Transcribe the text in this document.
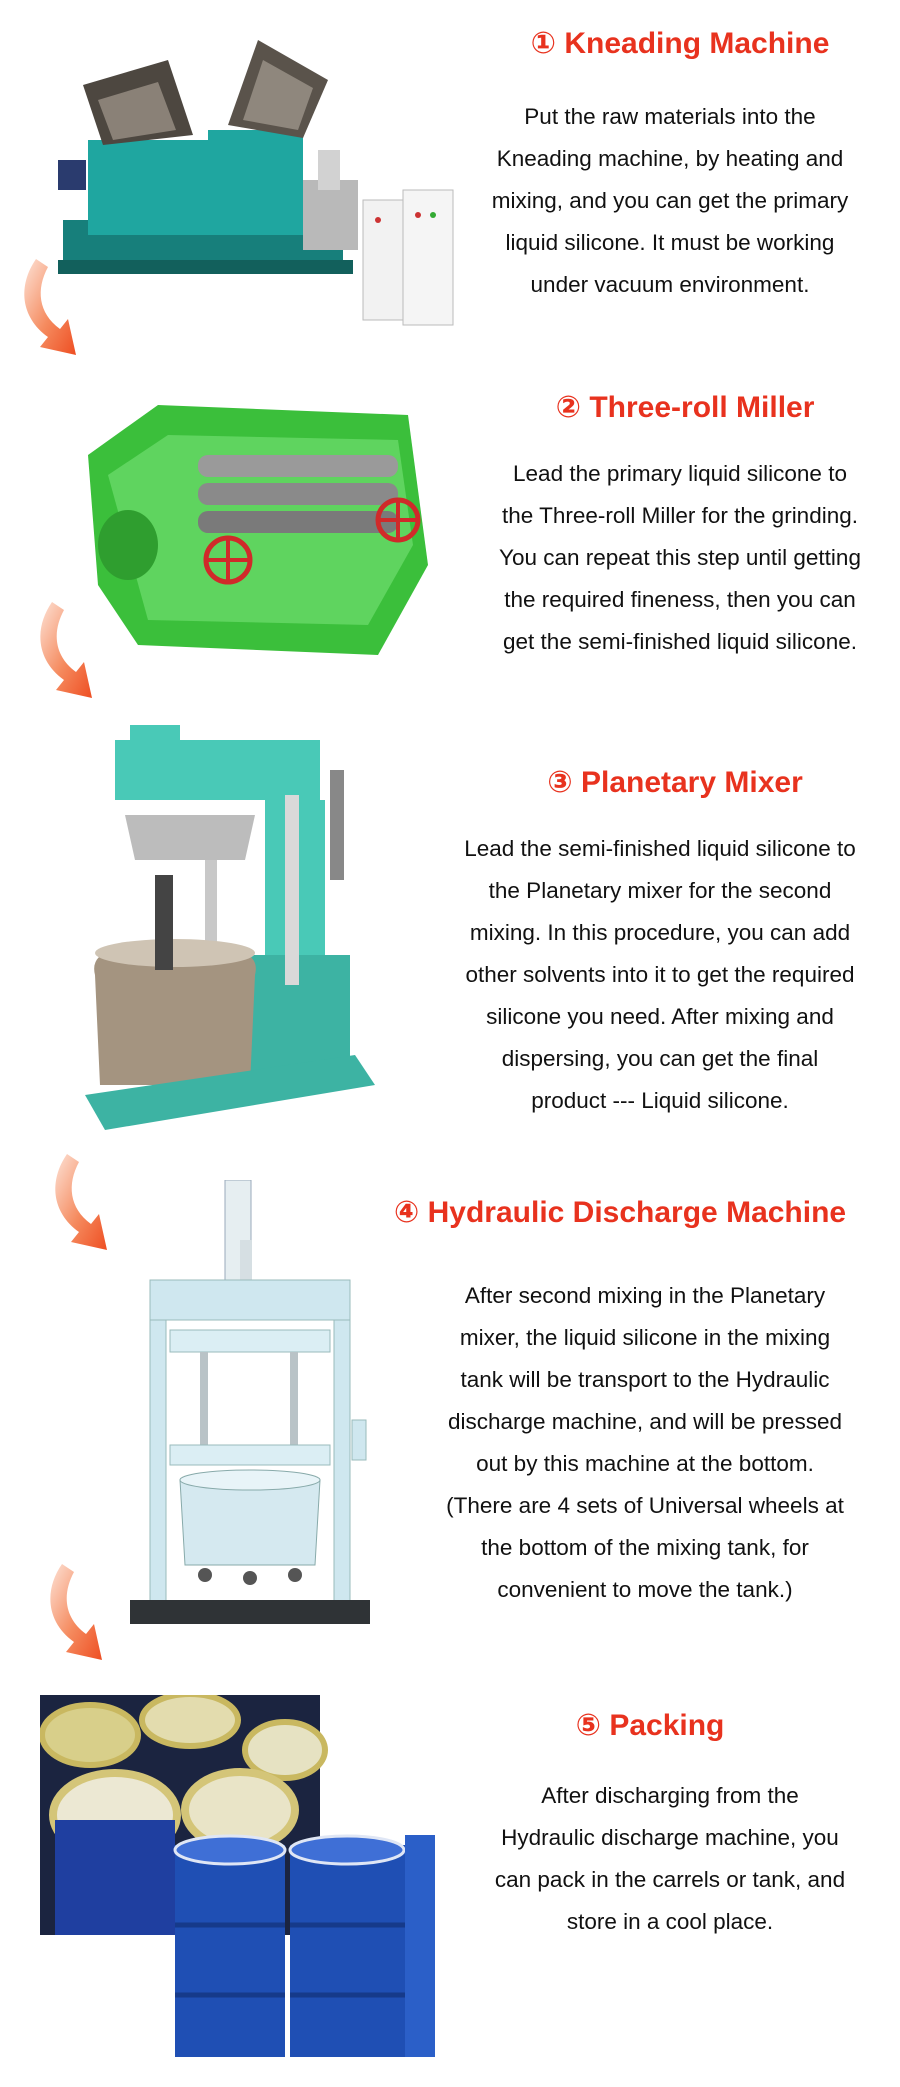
① Kneading Machine
Put the raw materials into the
Kneading machine, by heating and
mixing, and you can get the primary
liquid silicone. It must be working
under vacuum environment.
② Three-roll Miller
Lead the primary liquid silicone to
the Three-roll Miller for the grinding.
You can repeat this step until getting
the required fineness, then you can
get the semi-finished liquid silicone.
③ Planetary Mixer
Lead the semi-finished liquid silicone to
the Planetary mixer for the second
mixing. In this procedure, you can add
other solvents into it to get the required
silicone you need. After mixing and
dispersing, you can get the final
product --- Liquid silicone.
④ Hydraulic Discharge Machine
After second mixing in the Planetary
mixer, the liquid silicone in the mixing
tank will be transport to the Hydraulic
discharge machine, and will be pressed
out by this machine at the bottom.
(There are 4 sets of Universal wheels at
the bottom of the mixing tank, for
convenient to move the tank.)
⑤ Packing
After discharging from the
Hydraulic discharge machine, you
can pack in the carrels or tank, and
store in a cool place.
